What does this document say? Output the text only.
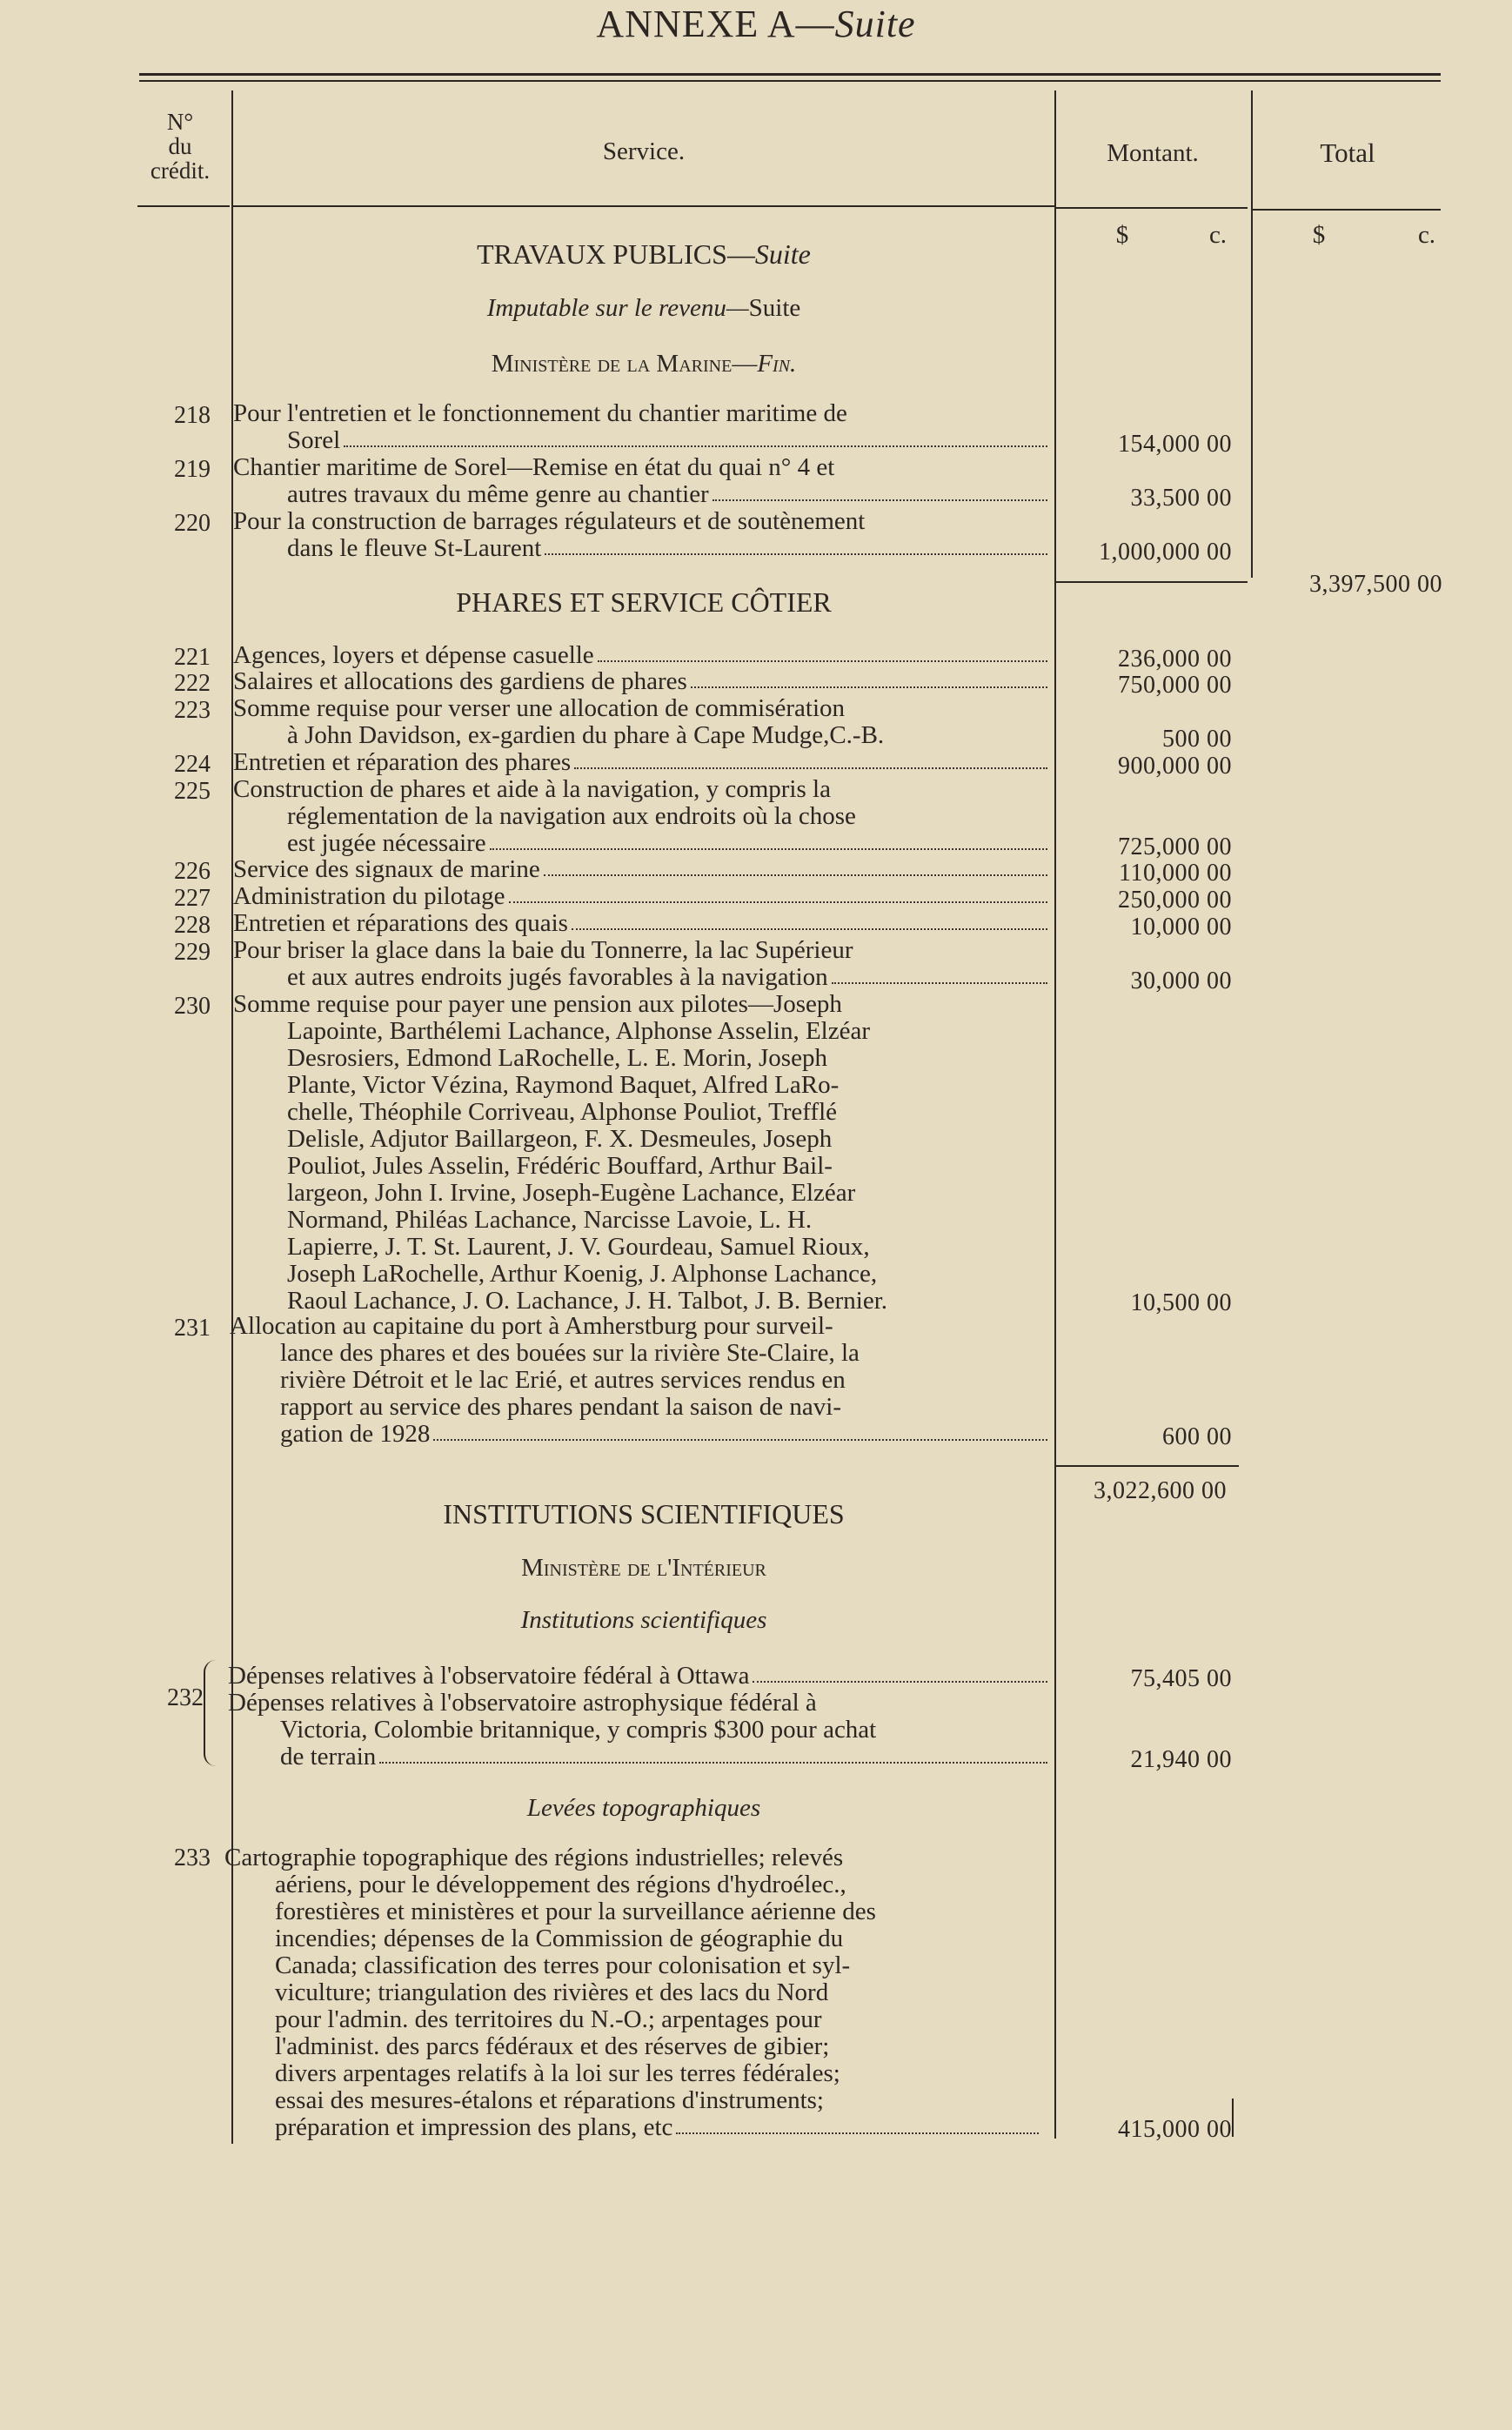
ANNEXE A—Suite
N°
du
crédit.
Service.	Montant.	Total
$	c.	$	c.
TRAVAUX PUBLICS—Suite
Imputable sur le revenu—Suite
Ministère de la Marine—Fin.
218 Pour l'entretien et le fonctionnement du chantier maritime de
Sorel	154,000 00
219 Chantier maritime de Sorel—Remise en état du quai n° 4 et
autres travaux du même genre au chantier	33,500 00
220 Pour la construction de barrages régulateurs et de soutènement
dans le fleuve St-Laurent	1,000,000 00
3,397,500 00
PHARES ET SERVICE CÔTIER
221 Agences, loyers et dépense casuelle	236,000 00
222 Salaires et allocations des gardiens de phares	750,000 00
223 Somme requise pour verser une allocation de commisération
à John Davidson, ex-gardien du phare à Cape Mudge,C.-B.	500 00
224 Entretien et réparation des phares	900,000 00
225 Construction de phares et aide à la navigation, y compris la
réglementation de la navigation aux endroits où la chose
est jugée nécessaire	725,000 00
226 Service des signaux de marine	110,000 00
227 Administration du pilotage	250,000 00
228 Entretien et réparations des quais	10,000 00
229 Pour briser la glace dans la baie du Tonnerre, la lac Supérieur
et aux autres endroits jugés favorables à la navigation	30,000 00
230 Somme requise pour payer une pension aux pilotes—Joseph
Lapointe, Barthélemi Lachance, Alphonse Asselin, Elzéar
Desrosiers, Edmond LaRochelle, L. E. Morin, Joseph
Plante, Victor Vézina, Raymond Baquet, Alfred LaRo-
chelle, Théophile Corriveau, Alphonse Pouliot, Trefflé
Delisle, Adjutor Baillargeon, F. X. Desmeules, Joseph
Pouliot, Jules Asselin, Frédéric Bouffard, Arthur Bail-
largeon, John I. Irvine, Joseph-Eugène Lachance, Elzéar
Normand, Philéas Lachance, Narcisse Lavoie, L. H.
Lapierre, J. T. St. Laurent, J. V. Gourdeau, Samuel Rioux,
Joseph LaRochelle, Arthur Koenig, J. Alphonse Lachance,
Raoul Lachance, J. O. Lachance, J. H. Talbot, J. B. Bernier.	10,500 00
231 Allocation au capitaine du port à Amherstburg pour surveil-
lance des phares et des bouées sur la rivière Ste-Claire, la
rivière Détroit et le lac Erié, et autres services rendus en
rapport au service des phares pendant la saison de navi-
gation de 1928	600 00
3,022,600 00
INSTITUTIONS SCIENTIFIQUES
Ministère de l'Intérieur
Institutions scientifiques
232
Dépenses relatives à l'observatoire fédéral à Ottawa	75,405 00
Dépenses relatives à l'observatoire astrophysique fédéral à
Victoria, Colombie britannique, y compris $300 pour achat
de terrain	21,940 00
Levées topographiques
233 Cartographie topographique des régions industrielles; relevés
aériens, pour le développement des régions d'hydroélec.,
forestières et ministères et pour la surveillance aérienne des
incendies; dépenses de la Commission de géographie du
Canada; classification des terres pour colonisation et syl-
viculture; triangulation des rivières et des lacs du Nord
pour l'admin. des territoires du N.-O.; arpentages pour
l'administ. des parcs fédéraux et des réserves de gibier;
divers arpentages relatifs à la loi sur les terres fédérales;
essai des mesures-étalons et réparations d'instruments;
préparation et impression des plans, etc	415,000 00
